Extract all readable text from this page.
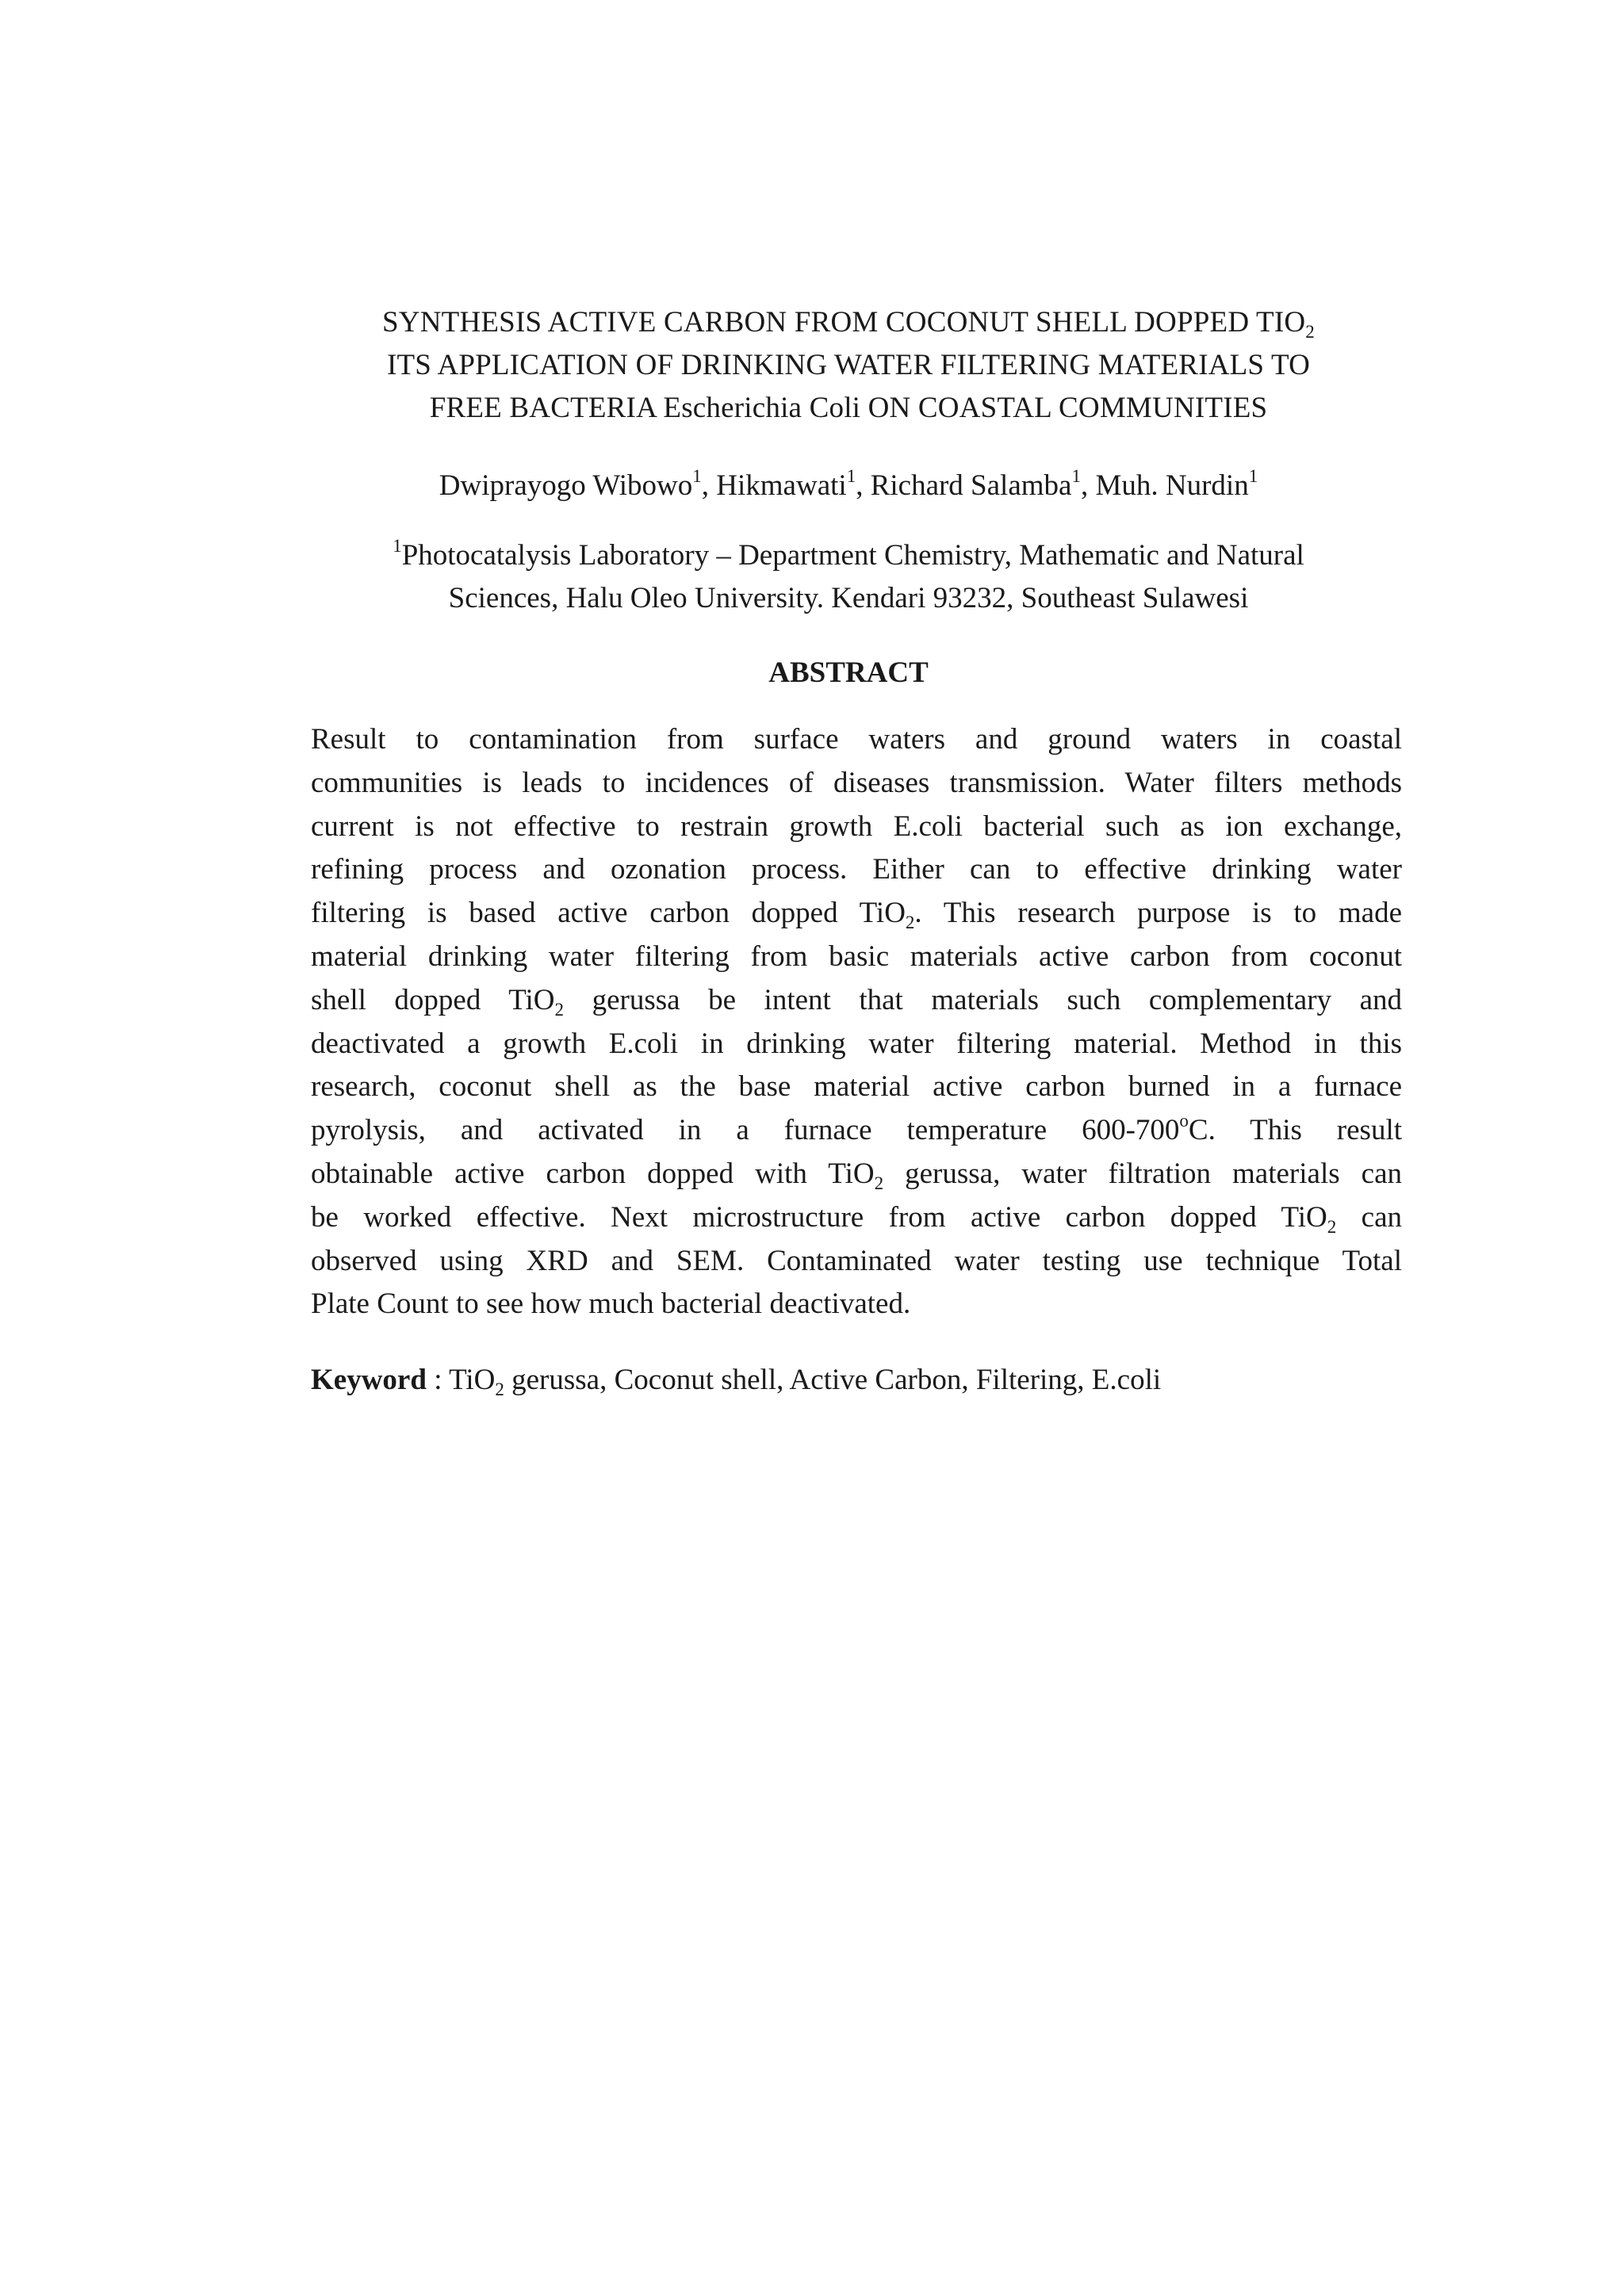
SYNTHESIS ACTIVE CARBON FROM COCONUT SHELL DOPPED $TIO_2$
ITS APPLICATION OF DRINKING WATER FILTERING MATERIALS TO
FREE BACTERIA Escherichia Coli ON COASTAL COMMUNITIES
Dwiprayogo Wibowo$^1$, Hikmawati$^1$, Richard Salamba$^1$, Muh. Nurdin$^1$
$^1$Photocatalysis Laboratory – Department Chemistry, Mathematic and Natural
Sciences, Halu Oleo University. Kendari 93232, Southeast Sulawesi
ABSTRACT
Result to contamination from surface waters and ground waters in coastal
communities is leads to incidences of diseases transmission. Water filters methods
current is not effective to restrain growth E.coli bacterial such as ion exchange,
refining process and ozonation process. Either can to effective drinking water
filtering is based active carbon dopped TiO$_2$. This research purpose is to made
material drinking water filtering from basic materials active carbon from coconut
shell dopped TiO$_2$ gerussa be intent that materials such complementary and
deactivated a growth E.coli in drinking water filtering material. Method in this
research, coconut shell as the base material active carbon burned in a furnace
pyrolysis, and activated in a furnace temperature 600-700$^o$C. This result
obtainable active carbon dopped with TiO$_2$ gerussa, water filtration materials can
be worked effective. Next microstructure from active carbon dopped TiO$_2$ can
observed using XRD and SEM. Contaminated water testing use technique Total
Plate Count to see how much bacterial deactivated.
Keyword : TiO$_2$ gerussa, Coconut shell, Active Carbon, Filtering, E.coli
